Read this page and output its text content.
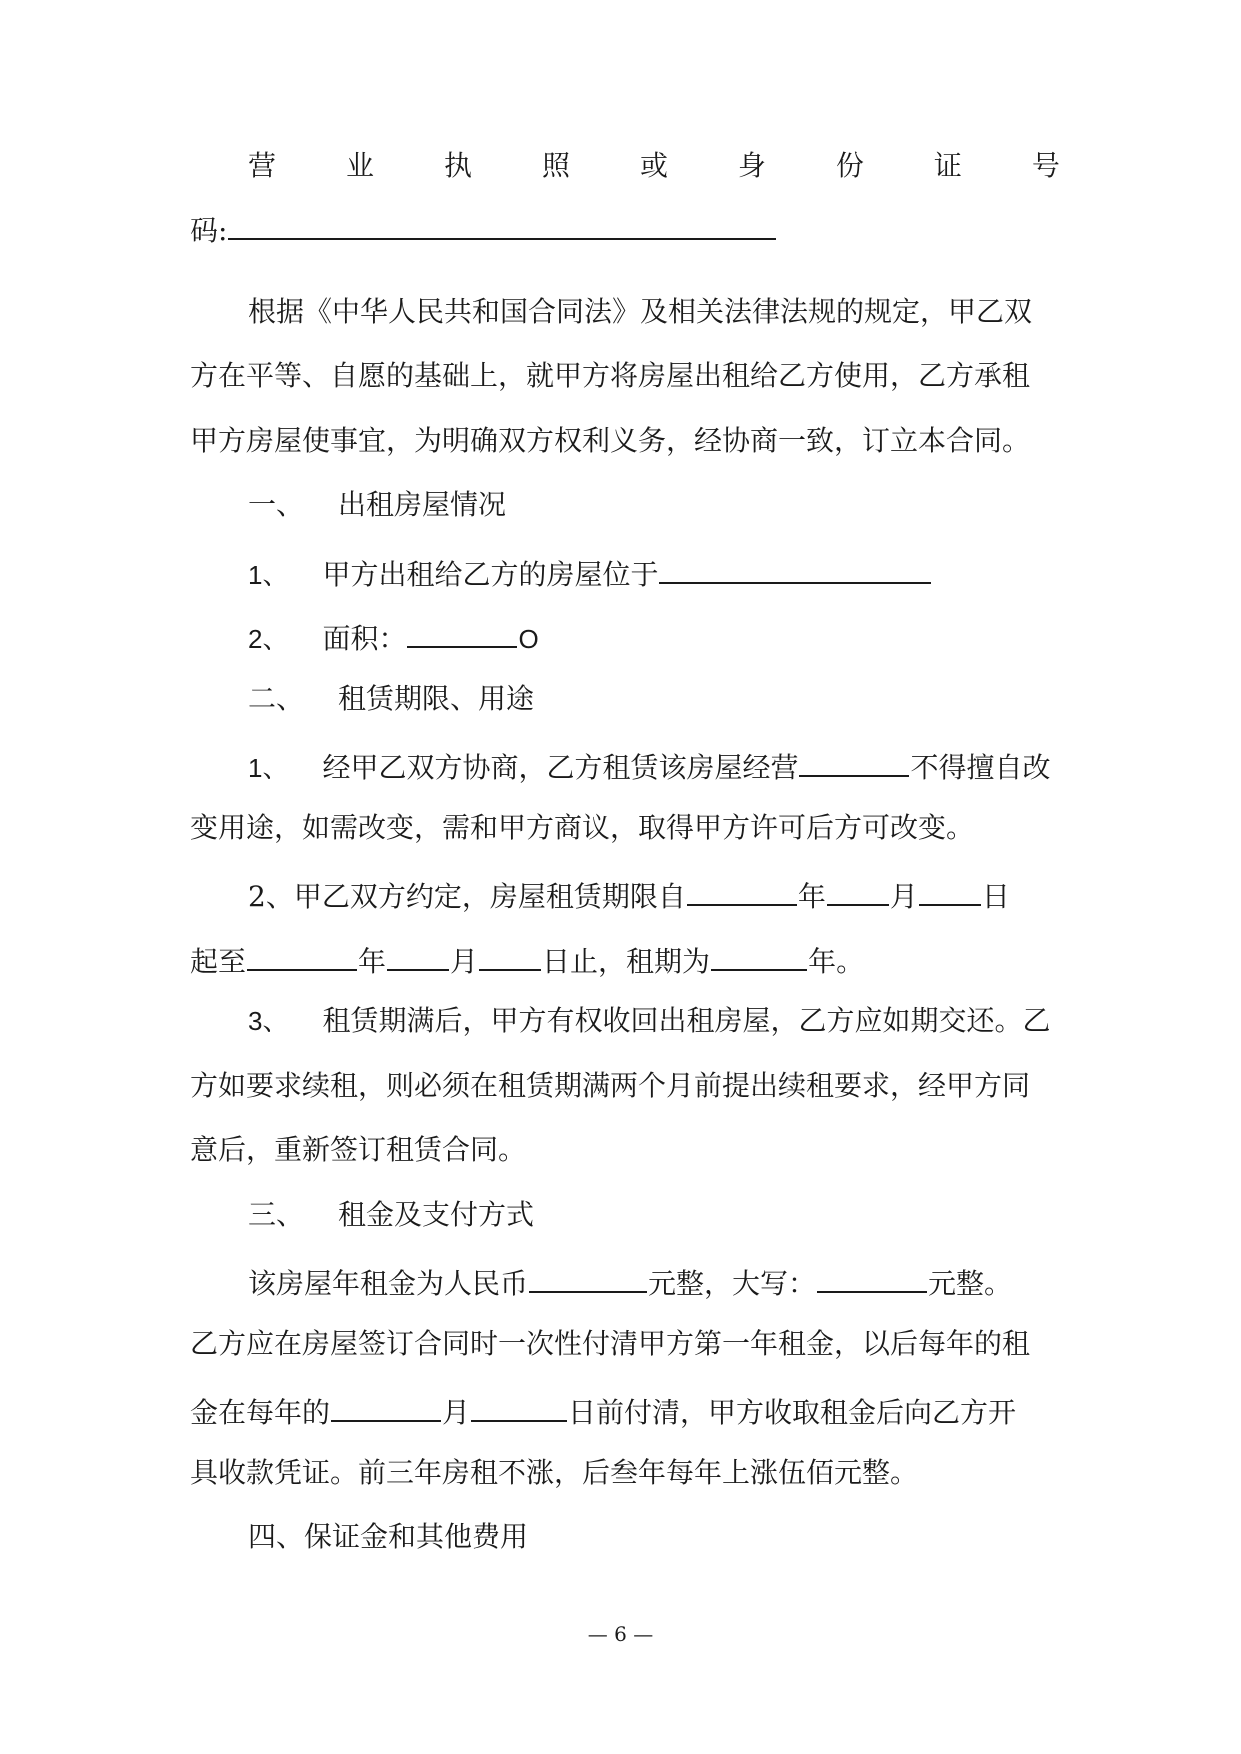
营 业 执 照 或 身 份 证 号
码:
根据《中华人民共和国合同法》及相关法律法规的规定，甲乙双
方在平等、自愿的基础上，就甲方将房屋出租给乙方使用，乙方承租
甲方房屋使事宜，为明确双方权利义务，经协商一致，订立本合同。
一、 出租房屋情况
1、 甲方出租给乙方的房屋位于
2、 面积：	O
二、 租赁期限、用途
1、 经甲乙双方协商，乙方租赁该房屋经营	不得擅自改
变用途，如需改变，需和甲方商议，取得甲方许可后方可改变。
2、甲乙双方约定，房屋租赁期限自	年 月 日
起至	年 月 日止，租期为	年。
3、 租赁期满后，甲方有权收回出租房屋，乙方应如期交还。乙
方如要求续租，则必须在租赁期满两个月前提出续租要求，经甲方同
意后，重新签订租赁合同。
三、 租金及支付方式
该房屋年租金为人民币	元整，大写：	元整。
乙方应在房屋签订合同时一次性付清甲方第一年租金，以后每年的租
金在每年的	月	日前付清，甲方收取租金后向乙方开
具收款凭证。前三年房租不涨，后叁年每年上涨伍佰元整。
四、保证金和其他费用
— 6 —
